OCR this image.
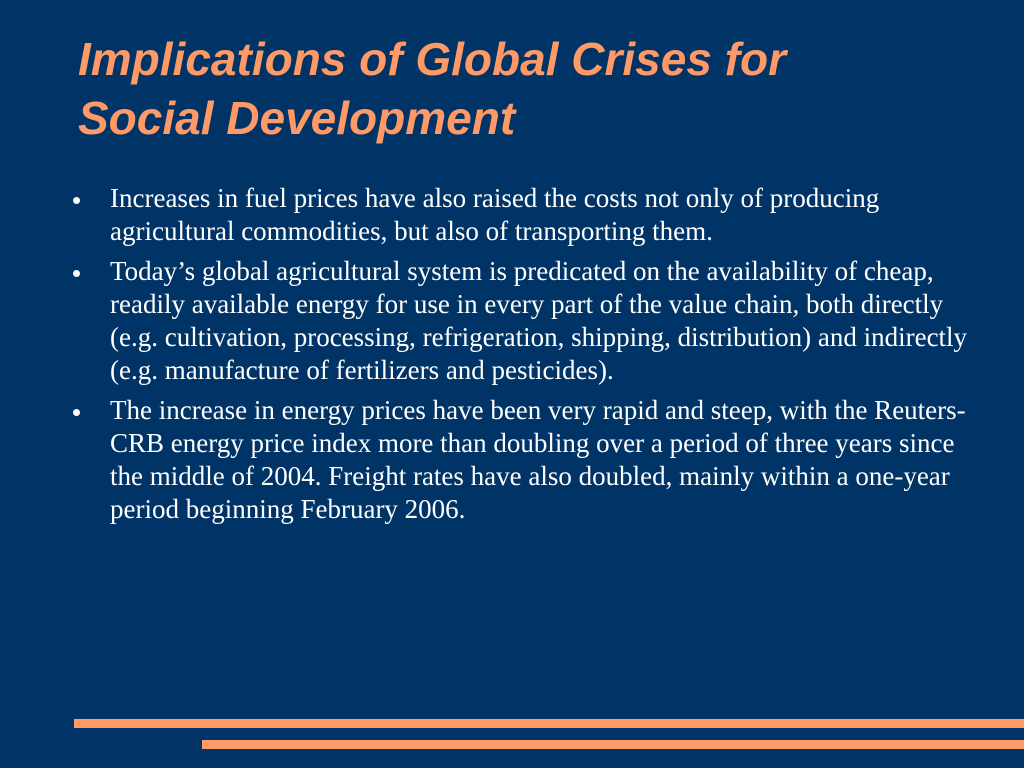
Implications of Global Crises for
Social Development
Increases in fuel prices have also raised the costs not only of producing agricultural commodities, but also of transporting them.
Today’s global agricultural system is predicated on the availability of cheap, readily available energy for use in every part of the value chain, both directly (e.g. cultivation, processing, refrigeration, shipping, distribution) and indirectly (e.g. manufacture of fertilizers and pesticides).
The increase in energy prices have been very rapid and steep, with the Reuters-CRB energy price index more than doubling over a period of three years since the middle of 2004. Freight rates have also doubled, mainly within a one-year period beginning February 2006.
